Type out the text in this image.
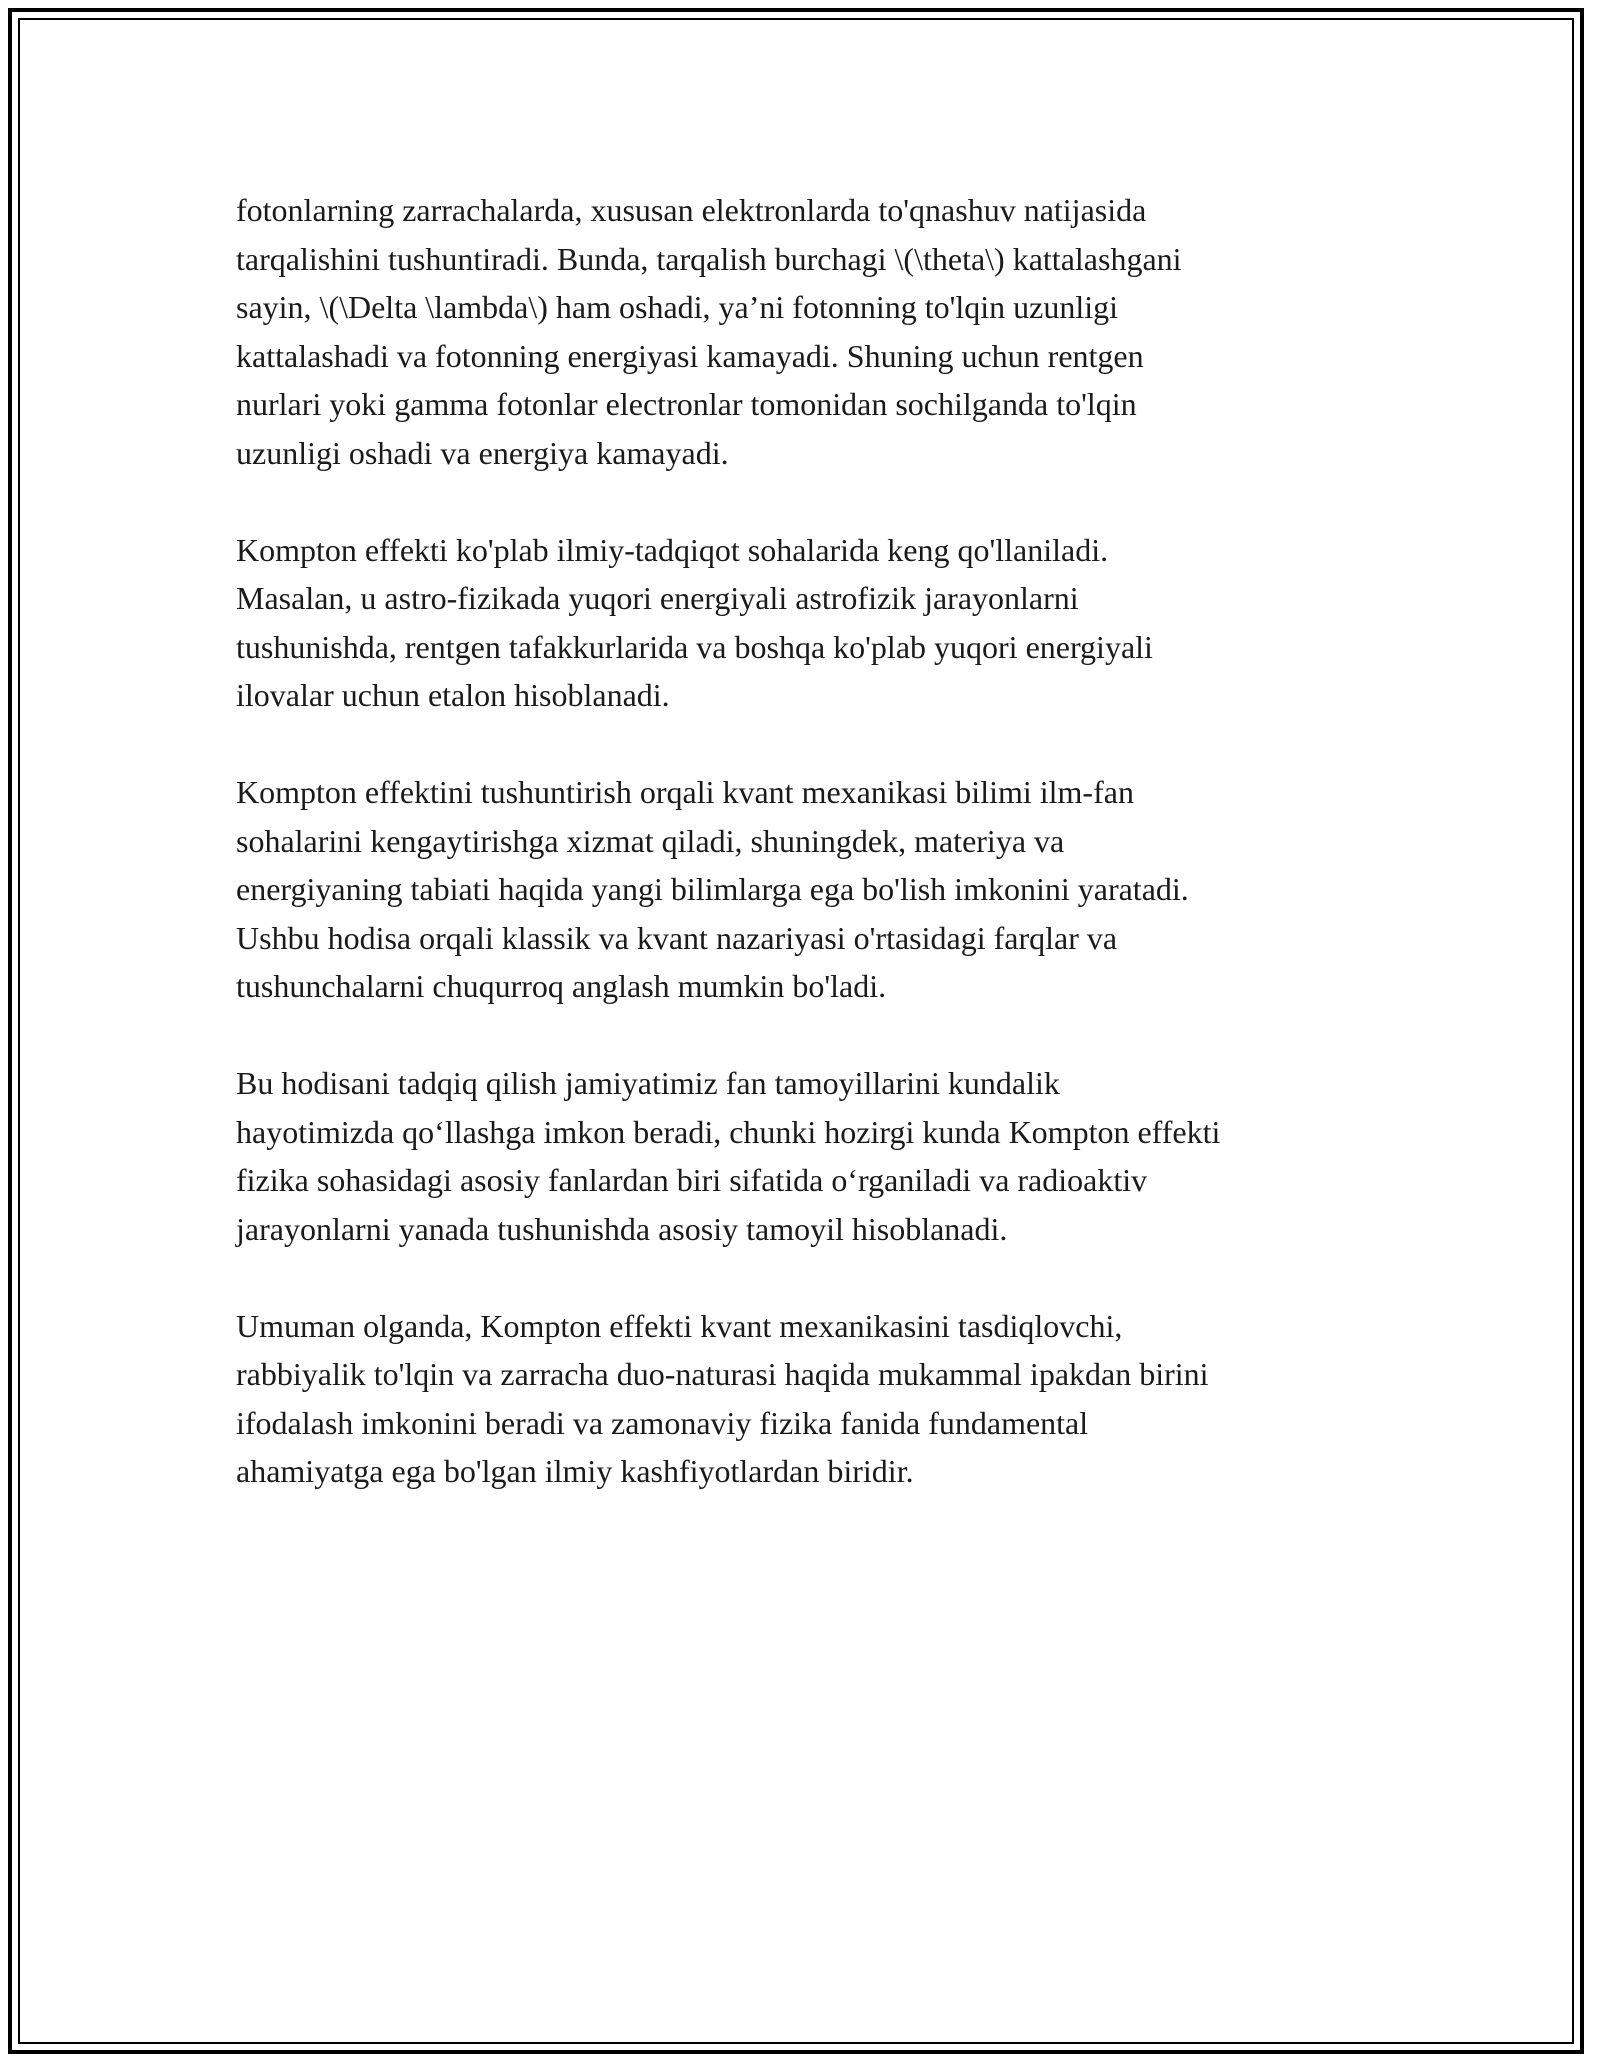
fotonlarning zarrachalarda, xususan elektronlarda to'qnashuv natijasida
tarqalishini tushuntiradi. Bunda, tarqalish burchagi \(\theta\) kattalashgani
sayin, \(\Delta \lambda\) ham oshadi, ya’ni fotonning to'lqin uzunligi
kattalashadi va fotonning energiyasi kamayadi. Shuning uchun rentgen
nurlari yoki gamma fotonlar electronlar tomonidan sochilganda to'lqin
uzunligi oshadi va energiya kamayadi.

Kompton effekti ko'plab ilmiy-tadqiqot sohalarida keng qo'llaniladi.
Masalan, u astro-fizikada yuqori energiyali astrofizik jarayonlarni
tushunishda, rentgen tafakkurlarida va boshqa ko'plab yuqori energiyali
ilovalar uchun etalon hisoblanadi.

Kompton effektini tushuntirish orqali kvant mexanikasi bilimi ilm-fan
sohalarini kengaytirishga xizmat qiladi, shuningdek, materiya va
energiyaning tabiati haqida yangi bilimlarga ega bo'lish imkonini yaratadi.
Ushbu hodisa orqali klassik va kvant nazariyasi o'rtasidagi farqlar va
tushunchalarni chuqurroq anglash mumkin bo'ladi.

Bu hodisani tadqiq qilish jamiyatimiz fan tamoyillarini kundalik
hayotimizda qo‘llashga imkon beradi, chunki hozirgi kunda Kompton effekti
fizika sohasidagi asosiy fanlardan biri sifatida o‘rganiladi va radioaktiv
jarayonlarni yanada tushunishda asosiy tamoyil hisoblanadi.

Umuman olganda, Kompton effekti kvant mexanikasini tasdiqlovchi,
rabbiyalik to'lqin va zarracha duo-naturasi haqida mukammal ipakdan birini
ifodalash imkonini beradi va zamonaviy fizika fanida fundamental
ahamiyatga ega bo'lgan ilmiy kashfiyotlardan biridir.
